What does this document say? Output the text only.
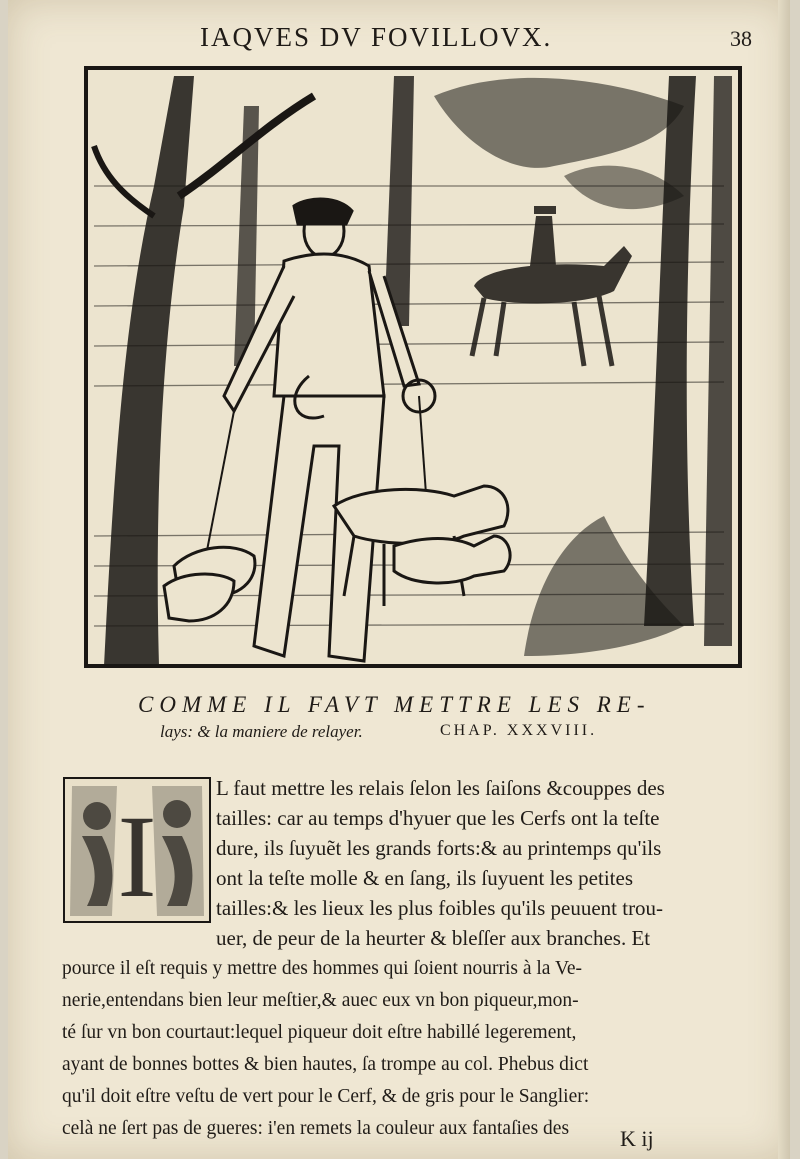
IAQVES DV FOVILLOVX.	38
COMME IL FAVT METTRE LES RE-
lays: & la maniere de relayer.	CHAP. XXXVIII.
I
L faut mettre les relais ſelon les ſaiſons &couppes des
tailles: car au temps d'hyuer que les Cerfs ont la teſte
dure, ils ſuyuẽt les grands forts:& au printemps qu'ils
ont la teſte molle & en ſang, ils ſuyuent les petites
tailles:& les lieux les plus foibles qu'ils peuuent trou-
uer, de peur de la heurter & bleſſer aux branches. Et
pource il eſt requis y mettre des hommes qui ſoient nourris à la Ve-
nerie,entendans bien leur meſtier,& auec eux vn bon piqueur,mon-
té ſur vn bon courtaut:lequel piqueur doit eſtre habillé legerement,
ayant de bonnes bottes & bien hautes, ſa trompe au col. Phebus dict
qu'il doit eſtre veſtu de vert pour le Cerf, & de gris pour le Sanglier:
celà ne ſert pas de gueres: i'en remets la couleur aux fantaſies des K ij
